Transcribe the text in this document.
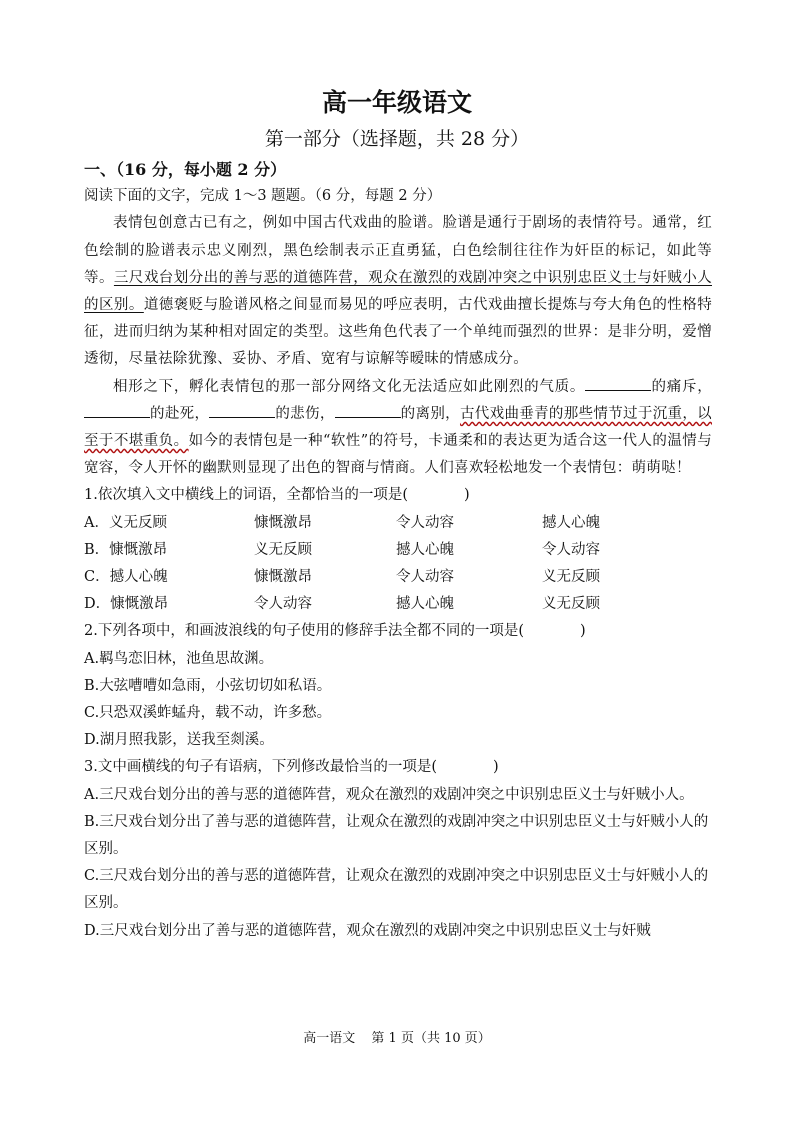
高一年级语文
第一部分（选择题，共 28 分）

一、（16 分，每小题 2 分）

阅读下面的文字，完成 1～3 题题。（6 分，每题 2 分）

表情包创意古已有之，例如中国古代戏曲的脸谱。脸谱是通行于剧场的表情符号。通常，红色绘制的脸谱表示忠义刚烈，黑色绘制表示正直勇猛，白色绘制往往作为奸臣的标记，如此等等。三尺戏台划分出的善与恶的道德阵营，观众在激烈的戏剧冲突之中识别忠臣义士与奸贼小人的区别。道德褒贬与脸谱风格之间显而易见的呼应表明，古代戏曲擅长提炼与夸大角色的性格特征，进而归纳为某种相对固定的类型。这些角色代表了一个单纯而强烈的世界：是非分明，爱憎透彻，尽量祛除犹豫、妥协、矛盾、宽宥与谅解等暧昧的情感成分。

相形之下，孵化表情包的那一部分网络文化无法适应如此刚烈的气质。	的痛斥，的赴死，	的悲伤，	的离别，古代戏曲垂青的那些情节过于沉重，以至于不堪重负。如今的表情包是一种“软性”的符号，卡通柔和的表达更为适合这一代人的温情与宽容，令人开怀的幽默则显现了出色的智商与情商。人们喜欢轻松地发一个表情包：萌萌哒！

1.依次填入文中横线上的词语，全都恰当的一项是(	)

A．义无反顾	慷慨激昂	令人动容	撼人心魄
B．慷慨激昂	义无反顾	撼人心魄	令人动容
C．撼人心魄	慷慨激昂	令人动容	义无反顾
D．慷慨激昂	令人动容	撼人心魄	义无反顾

2.下列各项中，和画波浪线的句子使用的修辞手法全都不同的一项是(	)

A.羁鸟恋旧林，池鱼思故渊。

B.大弦嘈嘈如急雨，小弦切切如私语。

C.只恐双溪蚱蜢舟，载不动，许多愁。

D.湖月照我影，送我至剡溪。

3.文中画横线的句子有语病，下列修改最恰当的一项是(	)

A.三尺戏台划分出的善与恶的道德阵营，观众在激烈的戏剧冲突之中识别忠臣义士与奸贼小人。

B.三尺戏台划分出了善与恶的道德阵营，让观众在激烈的戏剧冲突之中识别忠臣义士与奸贼小人的区别。

C.三尺戏台划分出的善与恶的道德阵营，让观众在激烈的戏剧冲突之中识别忠臣义士与奸贼小人的区别。

D.三尺戏台划分出了善与恶的道德阵营，观众在激烈的戏剧冲突之中识别忠臣义士与奸贼

高一语文 第 1 页（共 10 页）
